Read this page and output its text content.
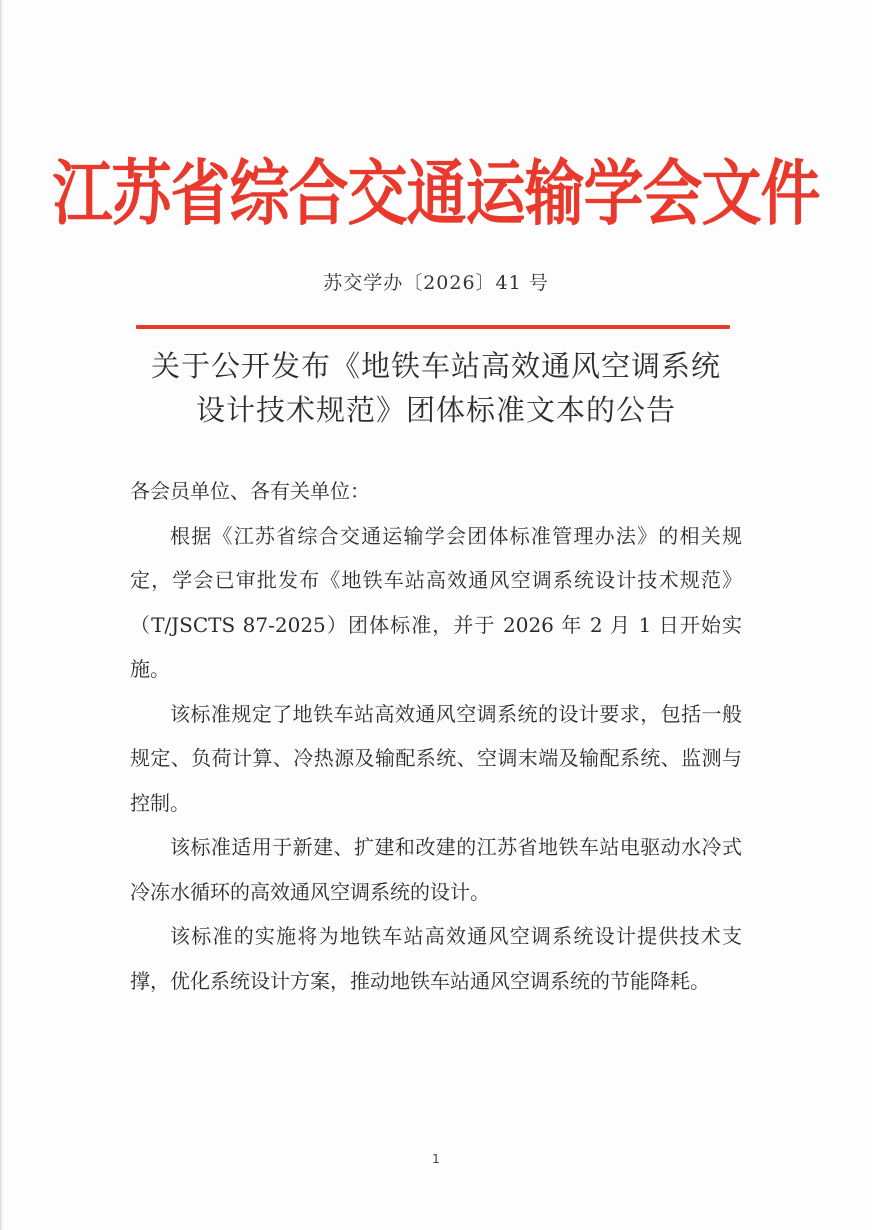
江苏省综合交通运输学会文件
苏交学办〔2026〕41 号
关于公开发布《地铁车站高效通风空调系统
设计技术规范》团体标准文本的公告

各会员单位、各有关单位：

根据《江苏省综合交通运输学会团体标准管理办法》的相关规定，学会已审批发布《地铁车站高效通风空调系统设计技术规范》（T/JSCTS 87-2025）团体标准，并于 2026 年 2 月 1 日开始实施。

该标准规定了地铁车站高效通风空调系统的设计要求，包括一般规定、负荷计算、冷热源及输配系统、空调末端及输配系统、监测与控制。

该标准适用于新建、扩建和改建的江苏省地铁车站电驱动水冷式冷冻水循环的高效通风空调系统的设计。

该标准的实施将为地铁车站高效通风空调系统设计提供技术支撑，优化系统设计方案，推动地铁车站通风空调系统的节能降耗。

1
